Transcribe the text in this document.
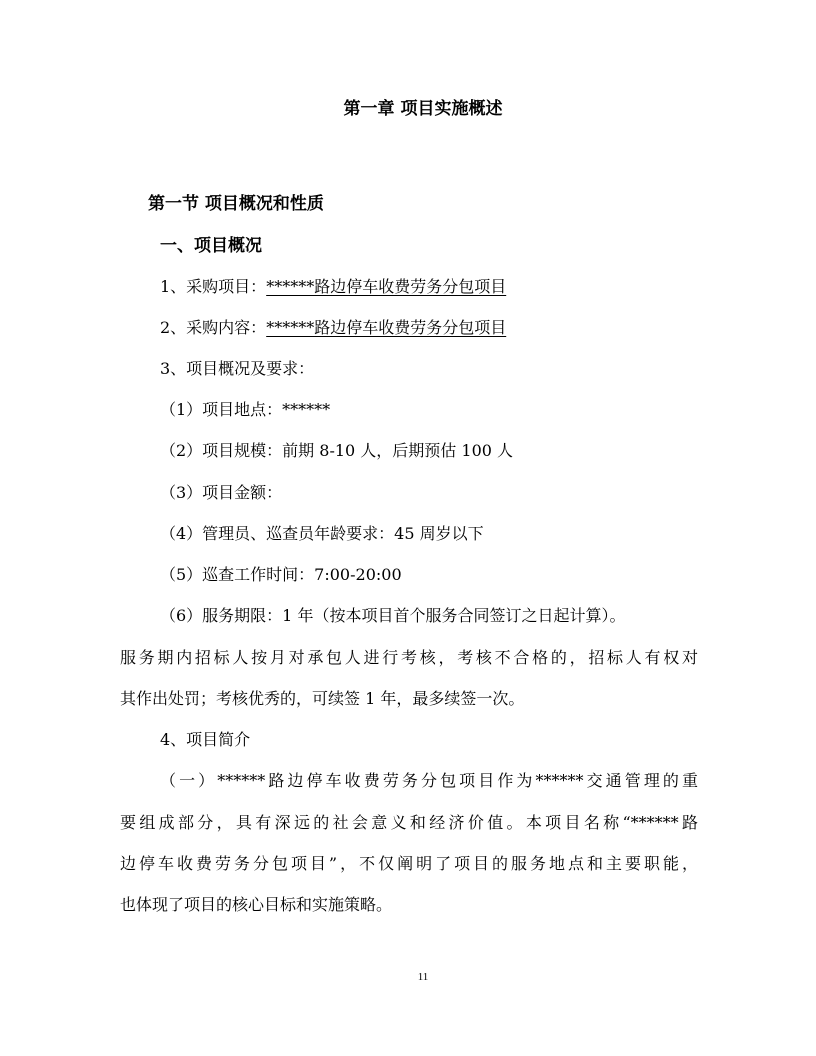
第一章 项目实施概述
第一节 项目概况和性质
一、项目概况
1、采购项目：******路边停车收费劳务分包项目
2、采购内容：******路边停车收费劳务分包项目
3、项目概况及要求：
（1）项目地点：******
（2）项目规模：前期 8-10 人，后期预估 100 人
（3）项目金额：
（4）管理员、巡查员年龄要求：45 周岁以下
（5）巡查工作时间：7:00-20:00
（6）服务期限：1 年（按本项目首个服务合同签订之日起计算）。
服务期内招标人按月对承包人进行考核，考核不合格的，招标人有权对
其作出处罚；考核优秀的，可续签 1 年，最多续签一次。
4、项目简介
（一）******路边停车收费劳务分包项目作为******交通管理的重
要组成部分，具有深远的社会意义和经济价值。本项目名称“******路
边停车收费劳务分包项目”，不仅阐明了项目的服务地点和主要职能，
也体现了项目的核心目标和实施策略。
11
